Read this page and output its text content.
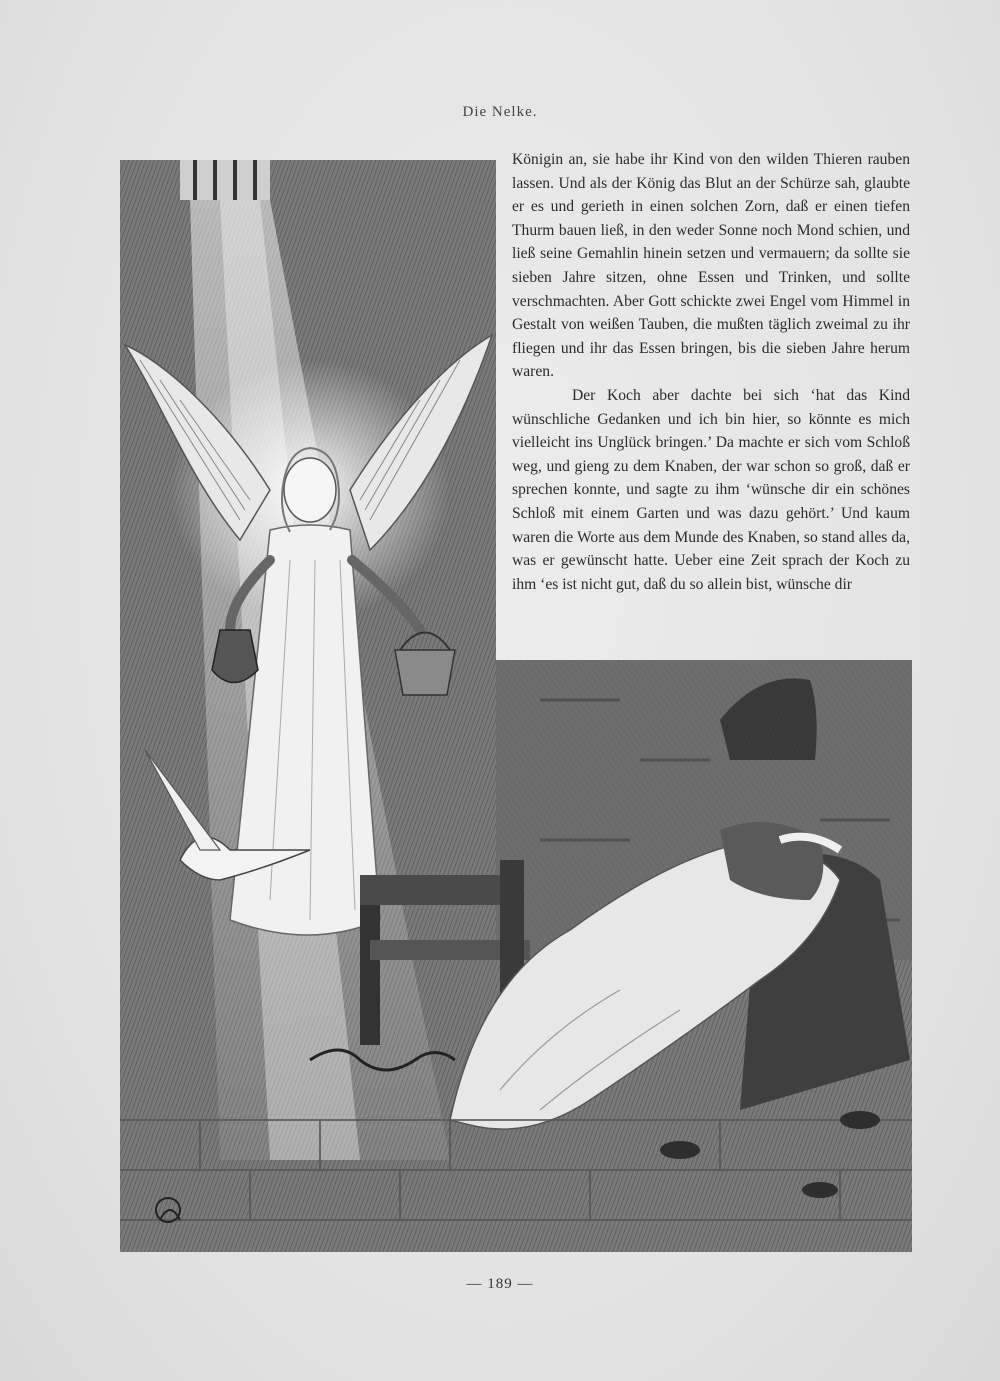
Die Nelke.

Königin an, sie habe ihr Kind von den wilden Thieren rauben lassen. Und als der König das Blut an der Schürze sah, glaubte er es und gerieth in einen solchen Zorn, daß er einen tiefen Thurm bauen ließ, in den weder Sonne noch Mond schien, und ließ seine Gemahlin hinein setzen und vermauern; da sollte sie sieben Jahre sitzen, ohne Essen und Trinken, und sollte verschmachten. Aber Gott schickte zwei Engel vom Himmel in Gestalt von weißen Tauben, die mußten täglich zweimal zu ihr fliegen und ihr das Essen bringen, bis die sieben Jahre herum waren.

Der Koch aber dachte bei sich ‘hat das Kind wünschliche Gedanken und ich bin hier, so könnte es mich vielleicht ins Unglück bringen.’ Da machte er sich vom Schloß weg, und gieng zu dem Knaben, der war schon so groß, daß er sprechen konnte, und sagte zu ihm ‘wünsche dir ein schönes Schloß mit einem Garten und was dazu gehört.’ Und kaum waren die Worte aus dem Munde des Knaben, so stand alles da, was er gewünscht hatte. Ueber eine Zeit sprach der Koch zu ihm ‘es ist nicht gut, daß du so allein bist, wünsche dir

— 189 —
